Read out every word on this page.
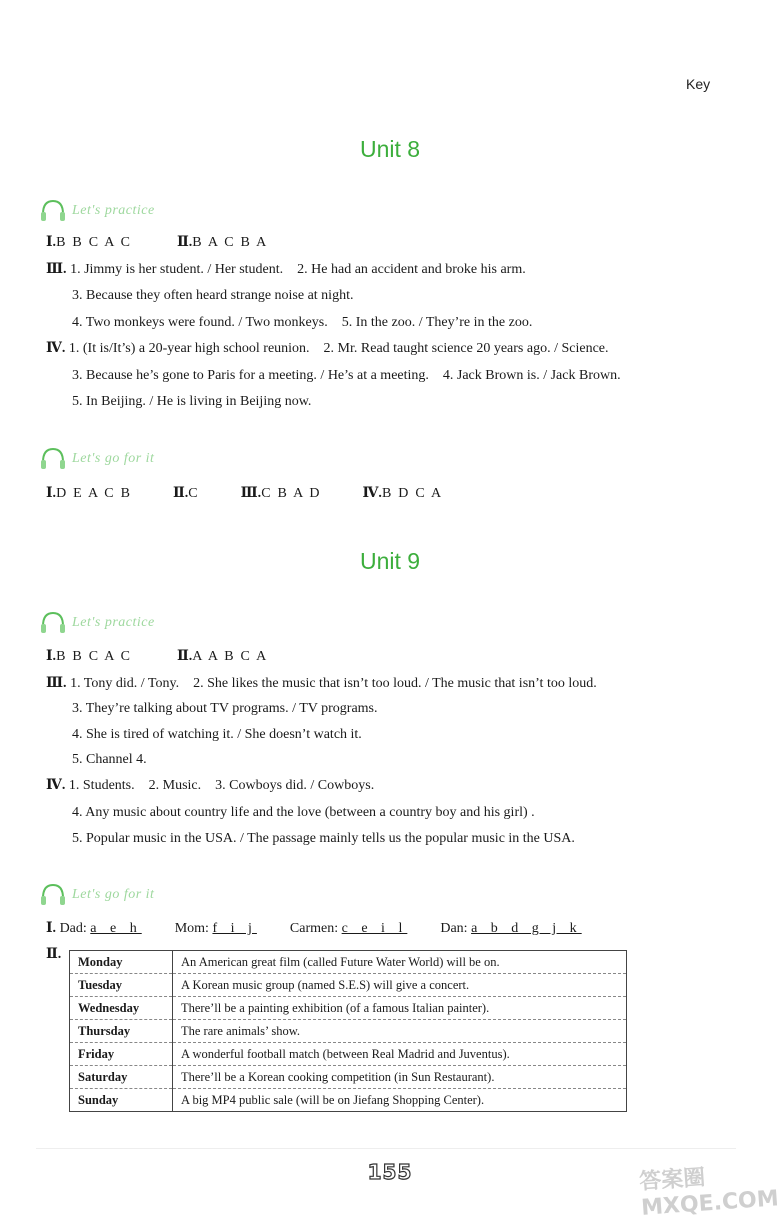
Key
Unit 8
Let's practice
Ⅰ.B  B  C  A  C	Ⅱ.B  A  C  B  A
Ⅲ. 1. Jimmy is her student. / Her student.    2. He had an accident and broke his arm.
3. Because they often heard strange noise at night.
4. Two monkeys were found. / Two monkeys.    5. In the zoo. / They’re in the zoo.
Ⅳ. 1. (It is/It’s) a 20-year high school reunion.    2. Mr. Read taught science 20 years ago. / Science.
3. Because he’s gone to Paris for a meeting. / He’s at a meeting.    4. Jack Brown is. / Jack Brown.
5. In Beijing. / He is living in Beijing now.
Let's go for it
Ⅰ.D  E  A  C  B	Ⅱ.C	Ⅲ.C  B  A  D	Ⅳ.B  D  C  A
Unit 9
Let's practice
Ⅰ.B  B  C  A  C	Ⅱ.A  A  B  C  A
Ⅲ. 1. Tony did. / Tony.    2. She likes the music that isn’t too loud. / The music that isn’t too loud.
3. They’re talking about TV programs. / TV programs.
4. She is tired of watching it. / She doesn’t watch it.
5. Channel 4.
Ⅳ. 1. Students.    2. Music.    3. Cowboys did. / Cowboys.
4. Any music about country life and the love (between a country boy and his girl) .
5. Popular music in the USA. / The passage mainly tells us the popular music in the USA.
Let's go for it
Ⅰ. Dad: a e h Mom: f i j Carmen: c e i l Dan: a b d g j k
Ⅱ. Monday	An American great film (called Future Water World) will be on.
Tuesday	A Korean music group (named S.E.S) will give a concert.
Wednesday	There’ll be a painting exhibition (of a famous Italian painter).
Thursday	The rare animals’ show.
Friday	A wonderful football match (between Real Madrid and Juventus).
Saturday	There’ll be a Korean cooking competition (in Sun Restaurant).
Sunday	A big MP4 public sale (will be on Jiefang Shopping Center).
155	答案圈 MXQE.COM
